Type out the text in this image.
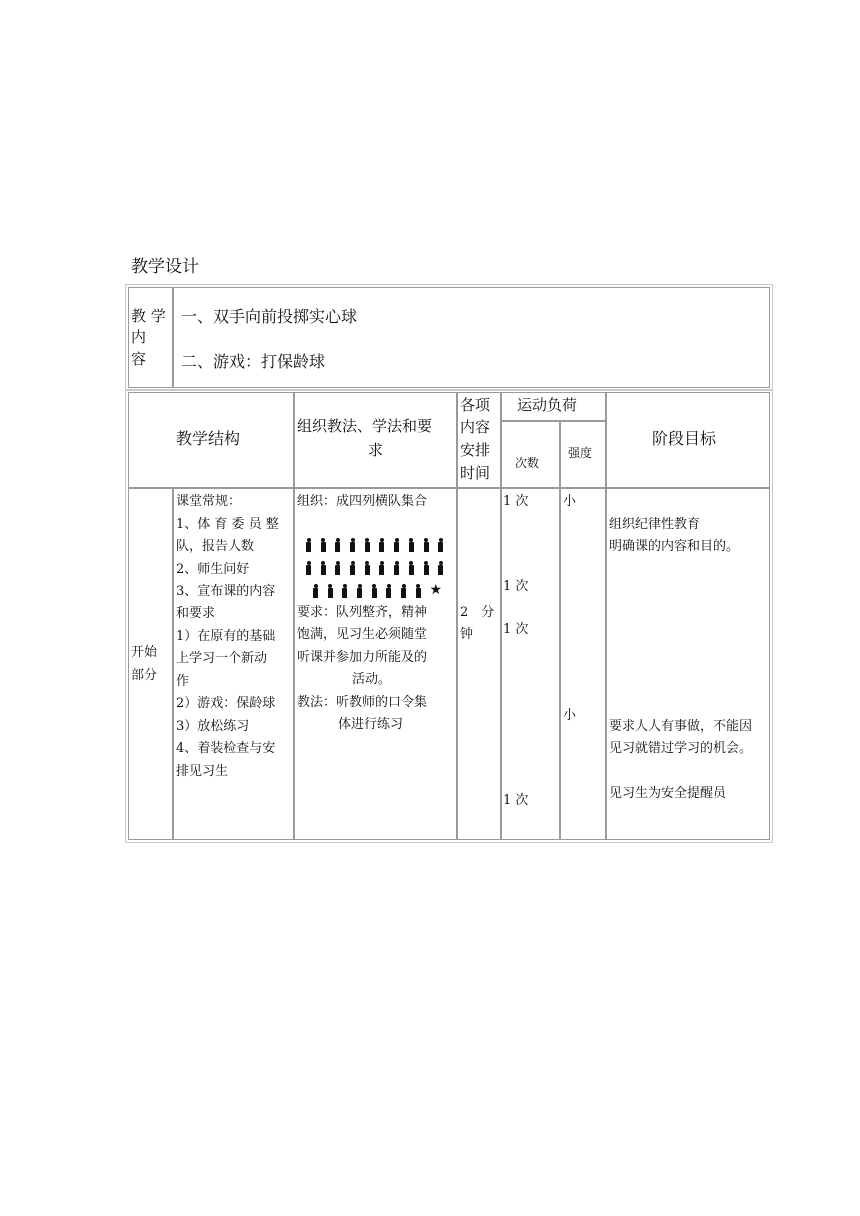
教学设计
教 学
内
容
一、双手向前投掷实心球
二、游戏：打保龄球
教学结构
组织教法、学法和要
求
各项
内容
安排
时间
运动负荷
次数
强度
阶段目标
开始
部分
课堂常规：
1、体 育 委 员 整
队，报告人数
2、师生问好
3、宣布课的内容
和要求
1）在原有的基础
上学习一个新动
作
2）游戏：保龄球
3）放松练习
4、着装检查与安
排见习生
组织：成四列横队集合
★
要求：队列整齐，精神
饱满，见习生必须随堂
听课并参加力所能及的
活动。
教法：听教师的口令集
体进行练习
2　分
钟
1 次
1 次
1 次
1 次
小
小
组织纪律性教育
明确课的内容和目的。
要求人人有事做，不能因
见习就错过学习的机会。
见习生为安全提醒员
